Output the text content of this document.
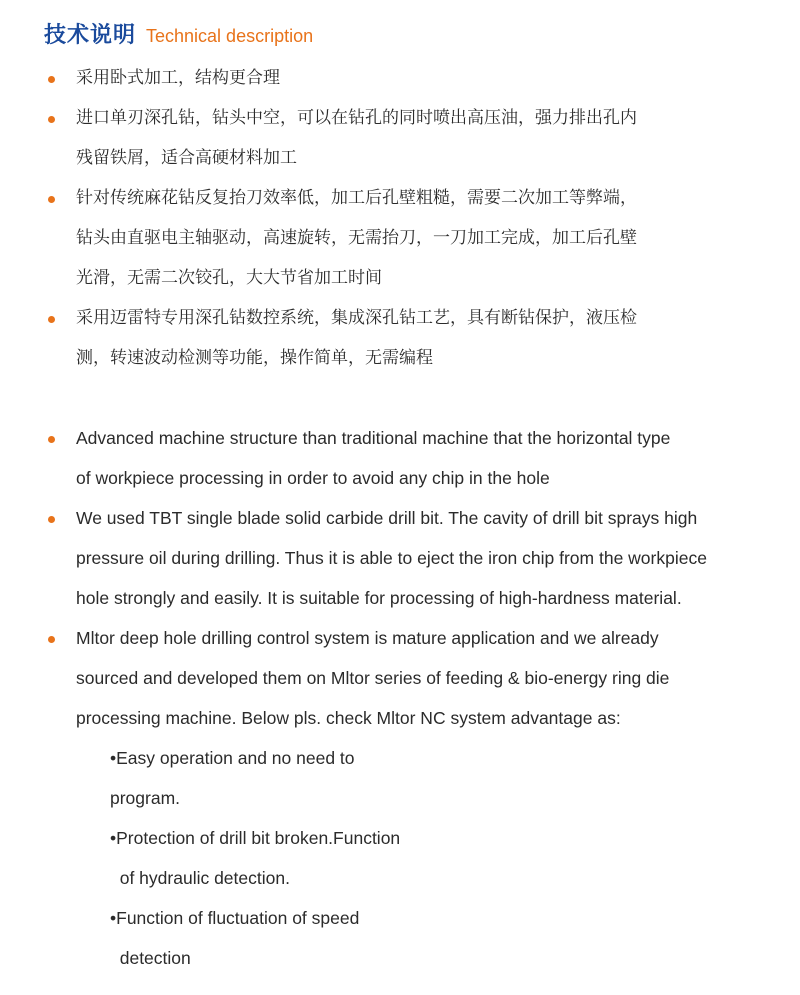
技术说明 Technical description
采用卧式加工，结构更合理
进口单刃深孔钻，钻头中空，可以在钻孔的同时喷出高压油，强力排出孔内
残留铁屑，适合高硬材料加工
针对传统麻花钻反复抬刀效率低，加工后孔壁粗糙，需要二次加工等弊端，
钻头由直驱电主轴驱动，高速旋转，无需抬刀，一刀加工完成，加工后孔壁
光滑，无需二次铰孔，大大节省加工时间
采用迈雷特专用深孔钻数控系统，集成深孔钻工艺，具有断钻保护，液压检
测，转速波动检测等功能，操作简单，无需编程
Advanced machine structure than traditional machine that the horizontal type
of workpiece processing in order to avoid any chip in the hole
We used TBT single blade solid carbide drill bit. The cavity of drill bit sprays high
pressure oil during drilling. Thus it is able to eject the iron chip from the workpiece
hole strongly and easily. It is suitable for processing of high-hardness material.
Mltor deep hole drilling control system is mature application and we already
sourced and developed them on Mltor series of feeding & bio-energy ring die
processing machine. Below pls. check Mltor NC system advantage as:
•Easy operation and no need to
program.
•Protection of drill bit broken.Function
of hydraulic detection.
•Function of fluctuation of speed
detection
